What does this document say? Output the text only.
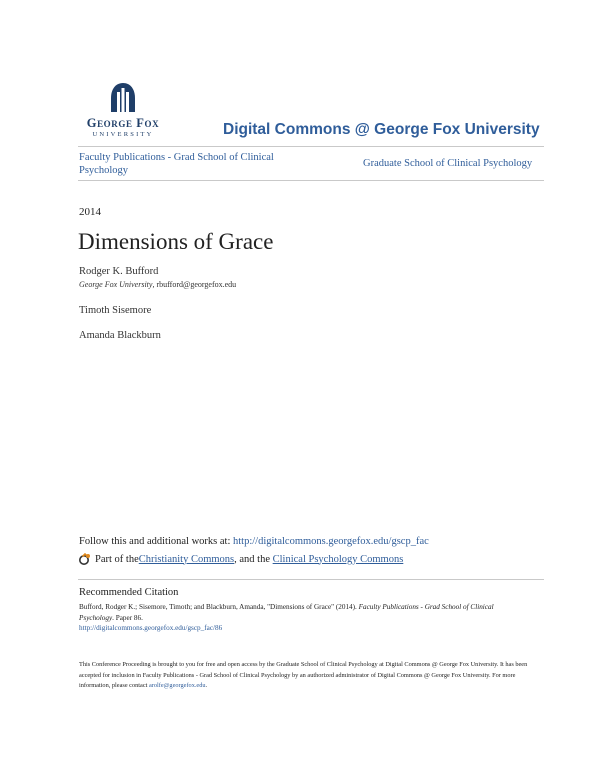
George Fox
UNIVERSITY	Digital Commons @ George Fox University
Faculty Publications - Grad School of Clinical Psychology
Graduate School of Clinical Psychology
2014
Dimensions of Grace
Rodger K. Bufford
George Fox University, rbufford@georgefox.edu
Timoth Sisemore
Amanda Blackburn
Follow this and additional works at: http://digitalcommons.georgefox.edu/gscp_fac
Part of the Christianity Commons , and the Clinical Psychology Commons
Recommended Citation
Bufford, Rodger K.; Sisemore, Timoth; and Blackburn, Amanda, "Dimensions of Grace" (2014). Faculty Publications - Grad School of Clinical Psychology. Paper 86.
http://digitalcommons.georgefox.edu/gscp_fac/86
This Conference Proceeding is brought to you for free and open access by the Graduate School of Clinical Psychology at Digital Commons @ George Fox University. It has been accepted for inclusion in Faculty Publications - Grad School of Clinical Psychology by an authorized administrator of Digital Commons @ George Fox University. For more information, please contact arolfe@georgefox.edu.
